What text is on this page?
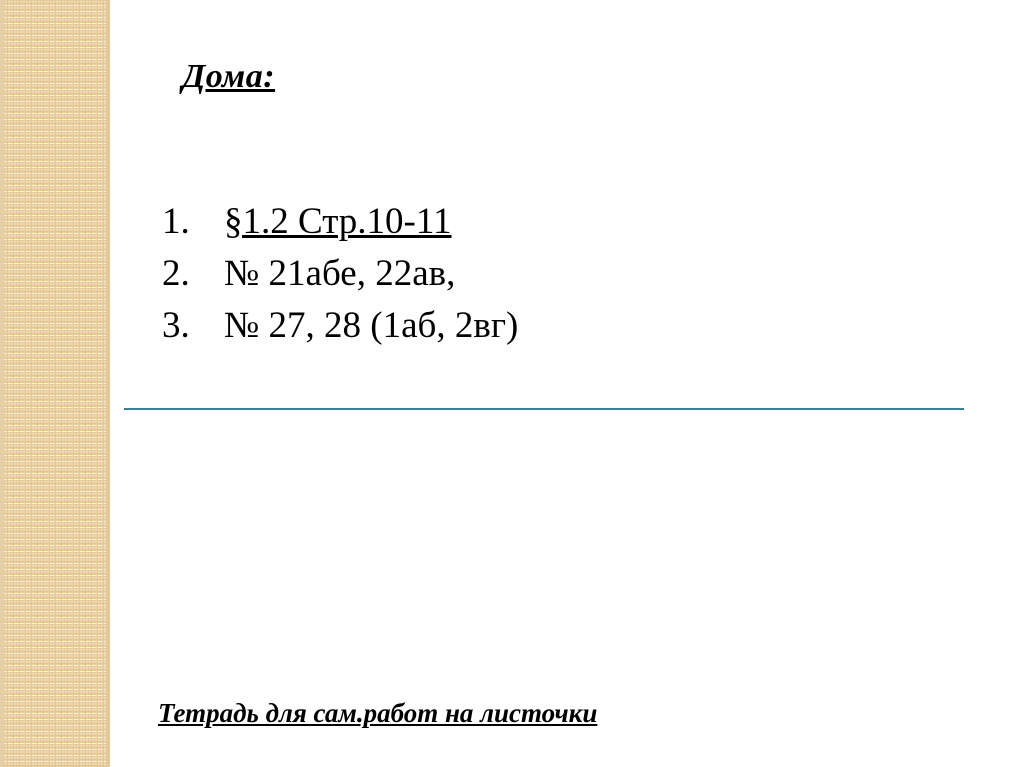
Дома:
1. §1.2 Стр.10-11
2. № 21абе, 22ав,
3. № 27, 28 (1аб, 2вг)
Тетрадь для сам.работ на листочки
